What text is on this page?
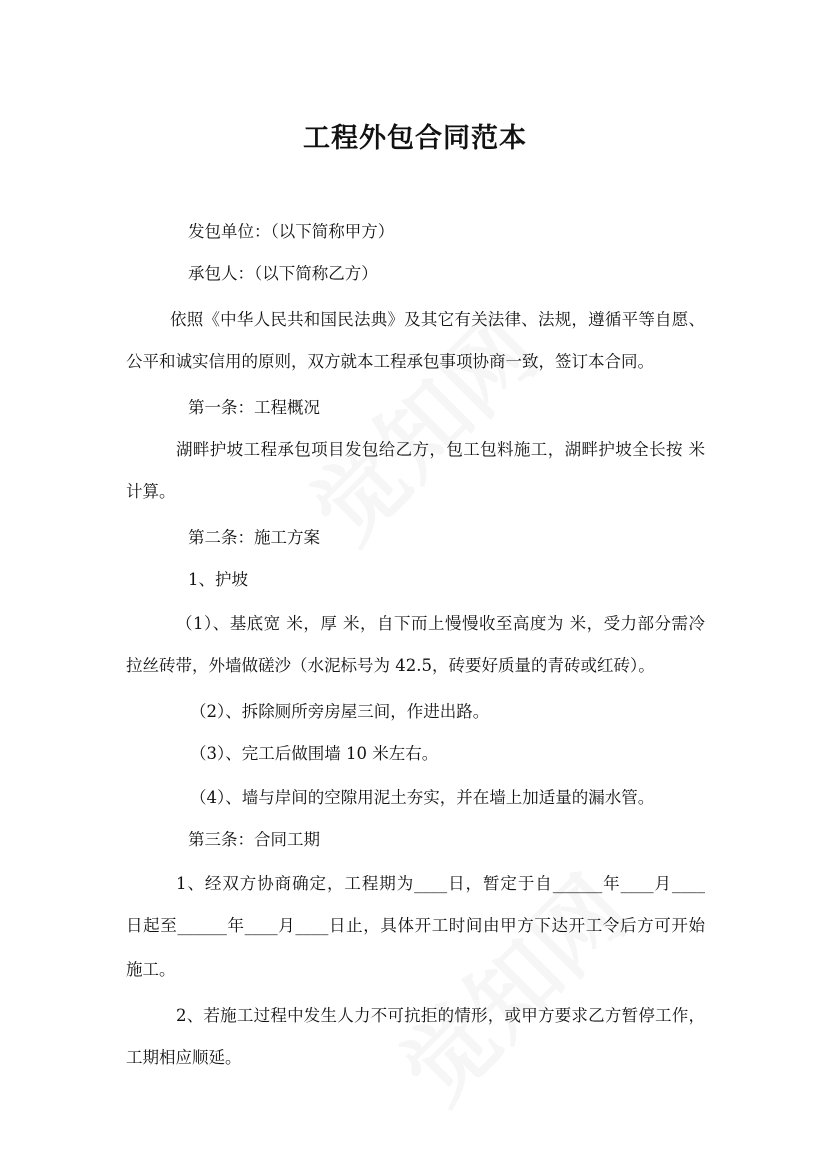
工程外包合同范本
发包单位：（以下简称甲方）
承包人：（以下简称乙方）
依照《中华人民共和国民法典》及其它有关法律、法规，遵循平等自愿、
公平和诚实信用的原则，双方就本工程承包事项协商一致，签订本合同。
第一条：工程概况
湖畔护坡工程承包项目发包给乙方，包工包料施工，湖畔护坡全长按 米
计算。
第二条：施工方案
1、护坡
（1）、基底宽 米，厚 米，自下而上慢慢收至高度为 米，受力部分需冷
拉丝砖带，外墙做磋沙（水泥标号为 42.5，砖要好质量的青砖或红砖）。
（2）、拆除厕所旁房屋三间，作进出路。
（3）、完工后做围墙 10 米左右。
（4）、墙与岸间的空隙用泥土夯实，并在墙上加适量的漏水管。
第三条：合同工期
1、经双方协商确定，工程期为____日，暂定于自______年____月____
日起至______年____月____日止，具体开工时间由甲方下达开工令后方可开始
施工。
2、若施工过程中发生人力不可抗拒的情形，或甲方要求乙方暂停工作，
工期相应顺延。
